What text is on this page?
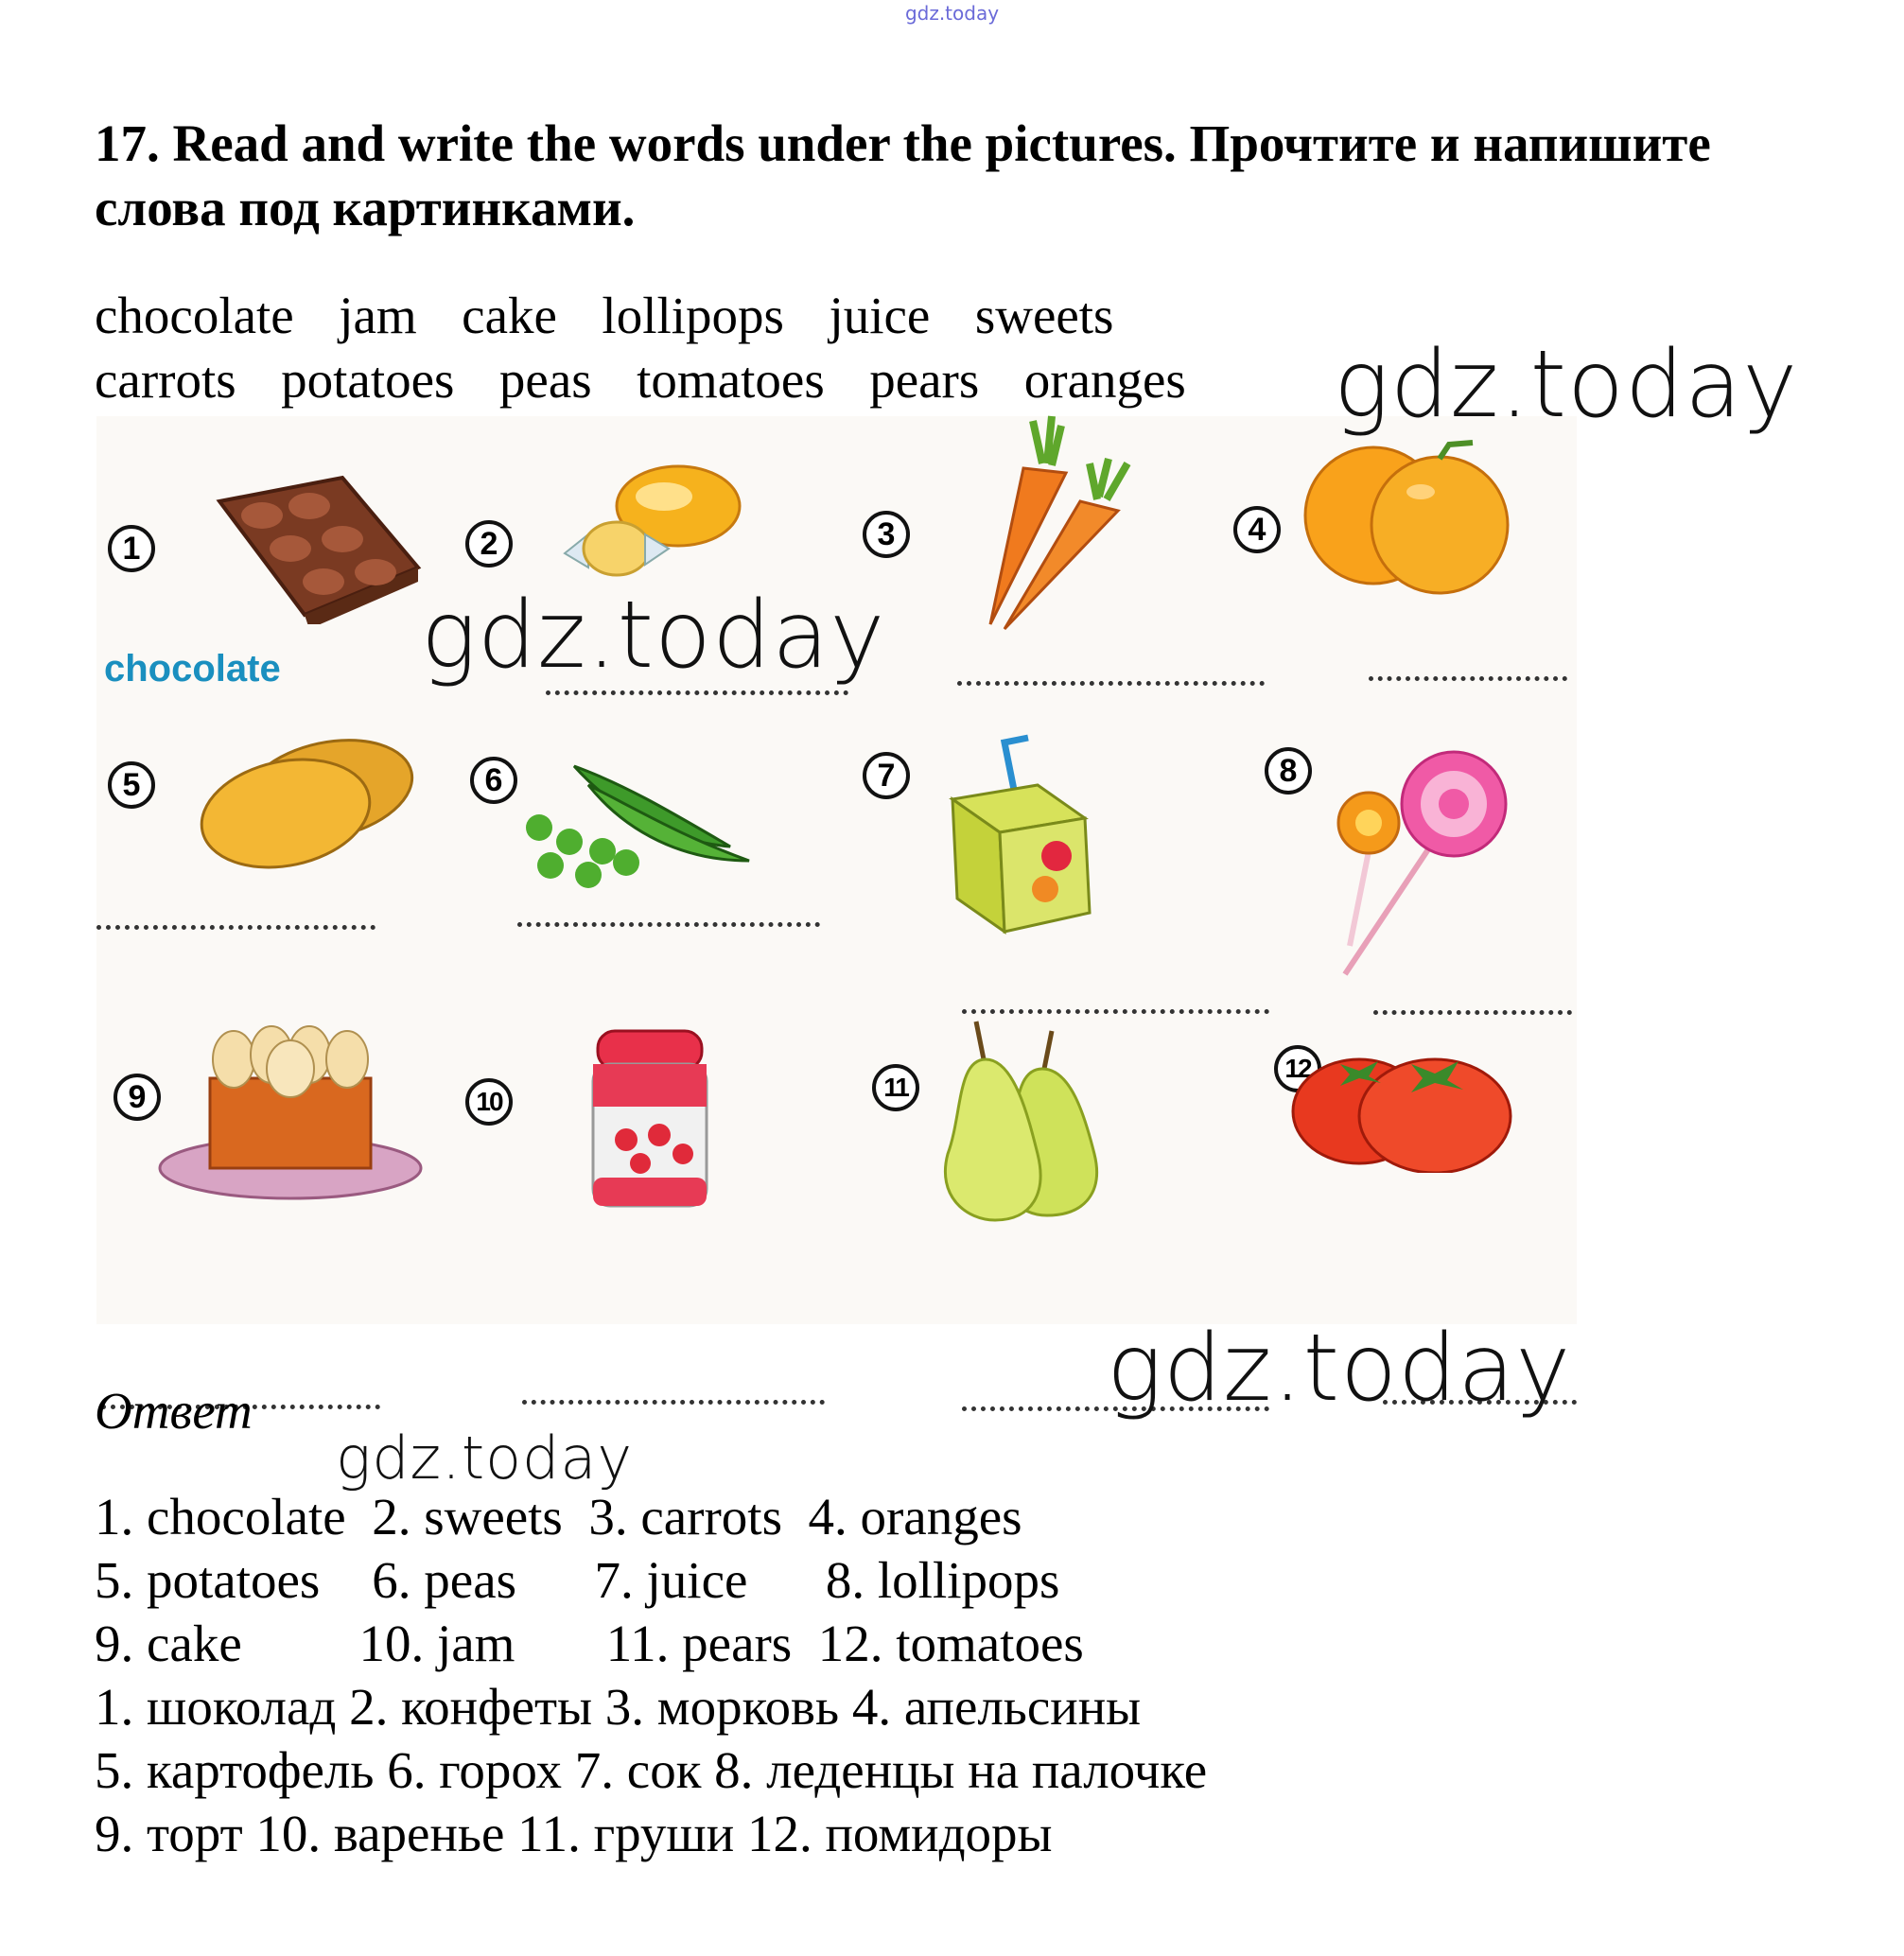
gdz.today
17. Read and write the words under the pictures. Прочтите и напишите
слова под картинками.
chocolate  jam  cake  lollipops  juice  sweets
carrots  potatoes  peas  tomatoes  pears  oranges
1
chocolate
2	3	4
5	6	7	8
9	10	11
12
gdz.today
gdz.today
gdz.today
gdz.today
Ответ
1. chocolate  2. sweets  3. carrots  4. oranges
5. potatoes    6. peas      7. juice      8. lollipops
9. cake         10. jam       11. pears  12. tomatoes
1. шоколад 2. конфеты 3. морковь 4. апельсины
5. картофель 6. горох 7. сок 8. леденцы на палочке
9. торт 10. варенье 11. груши 12. помидоры
